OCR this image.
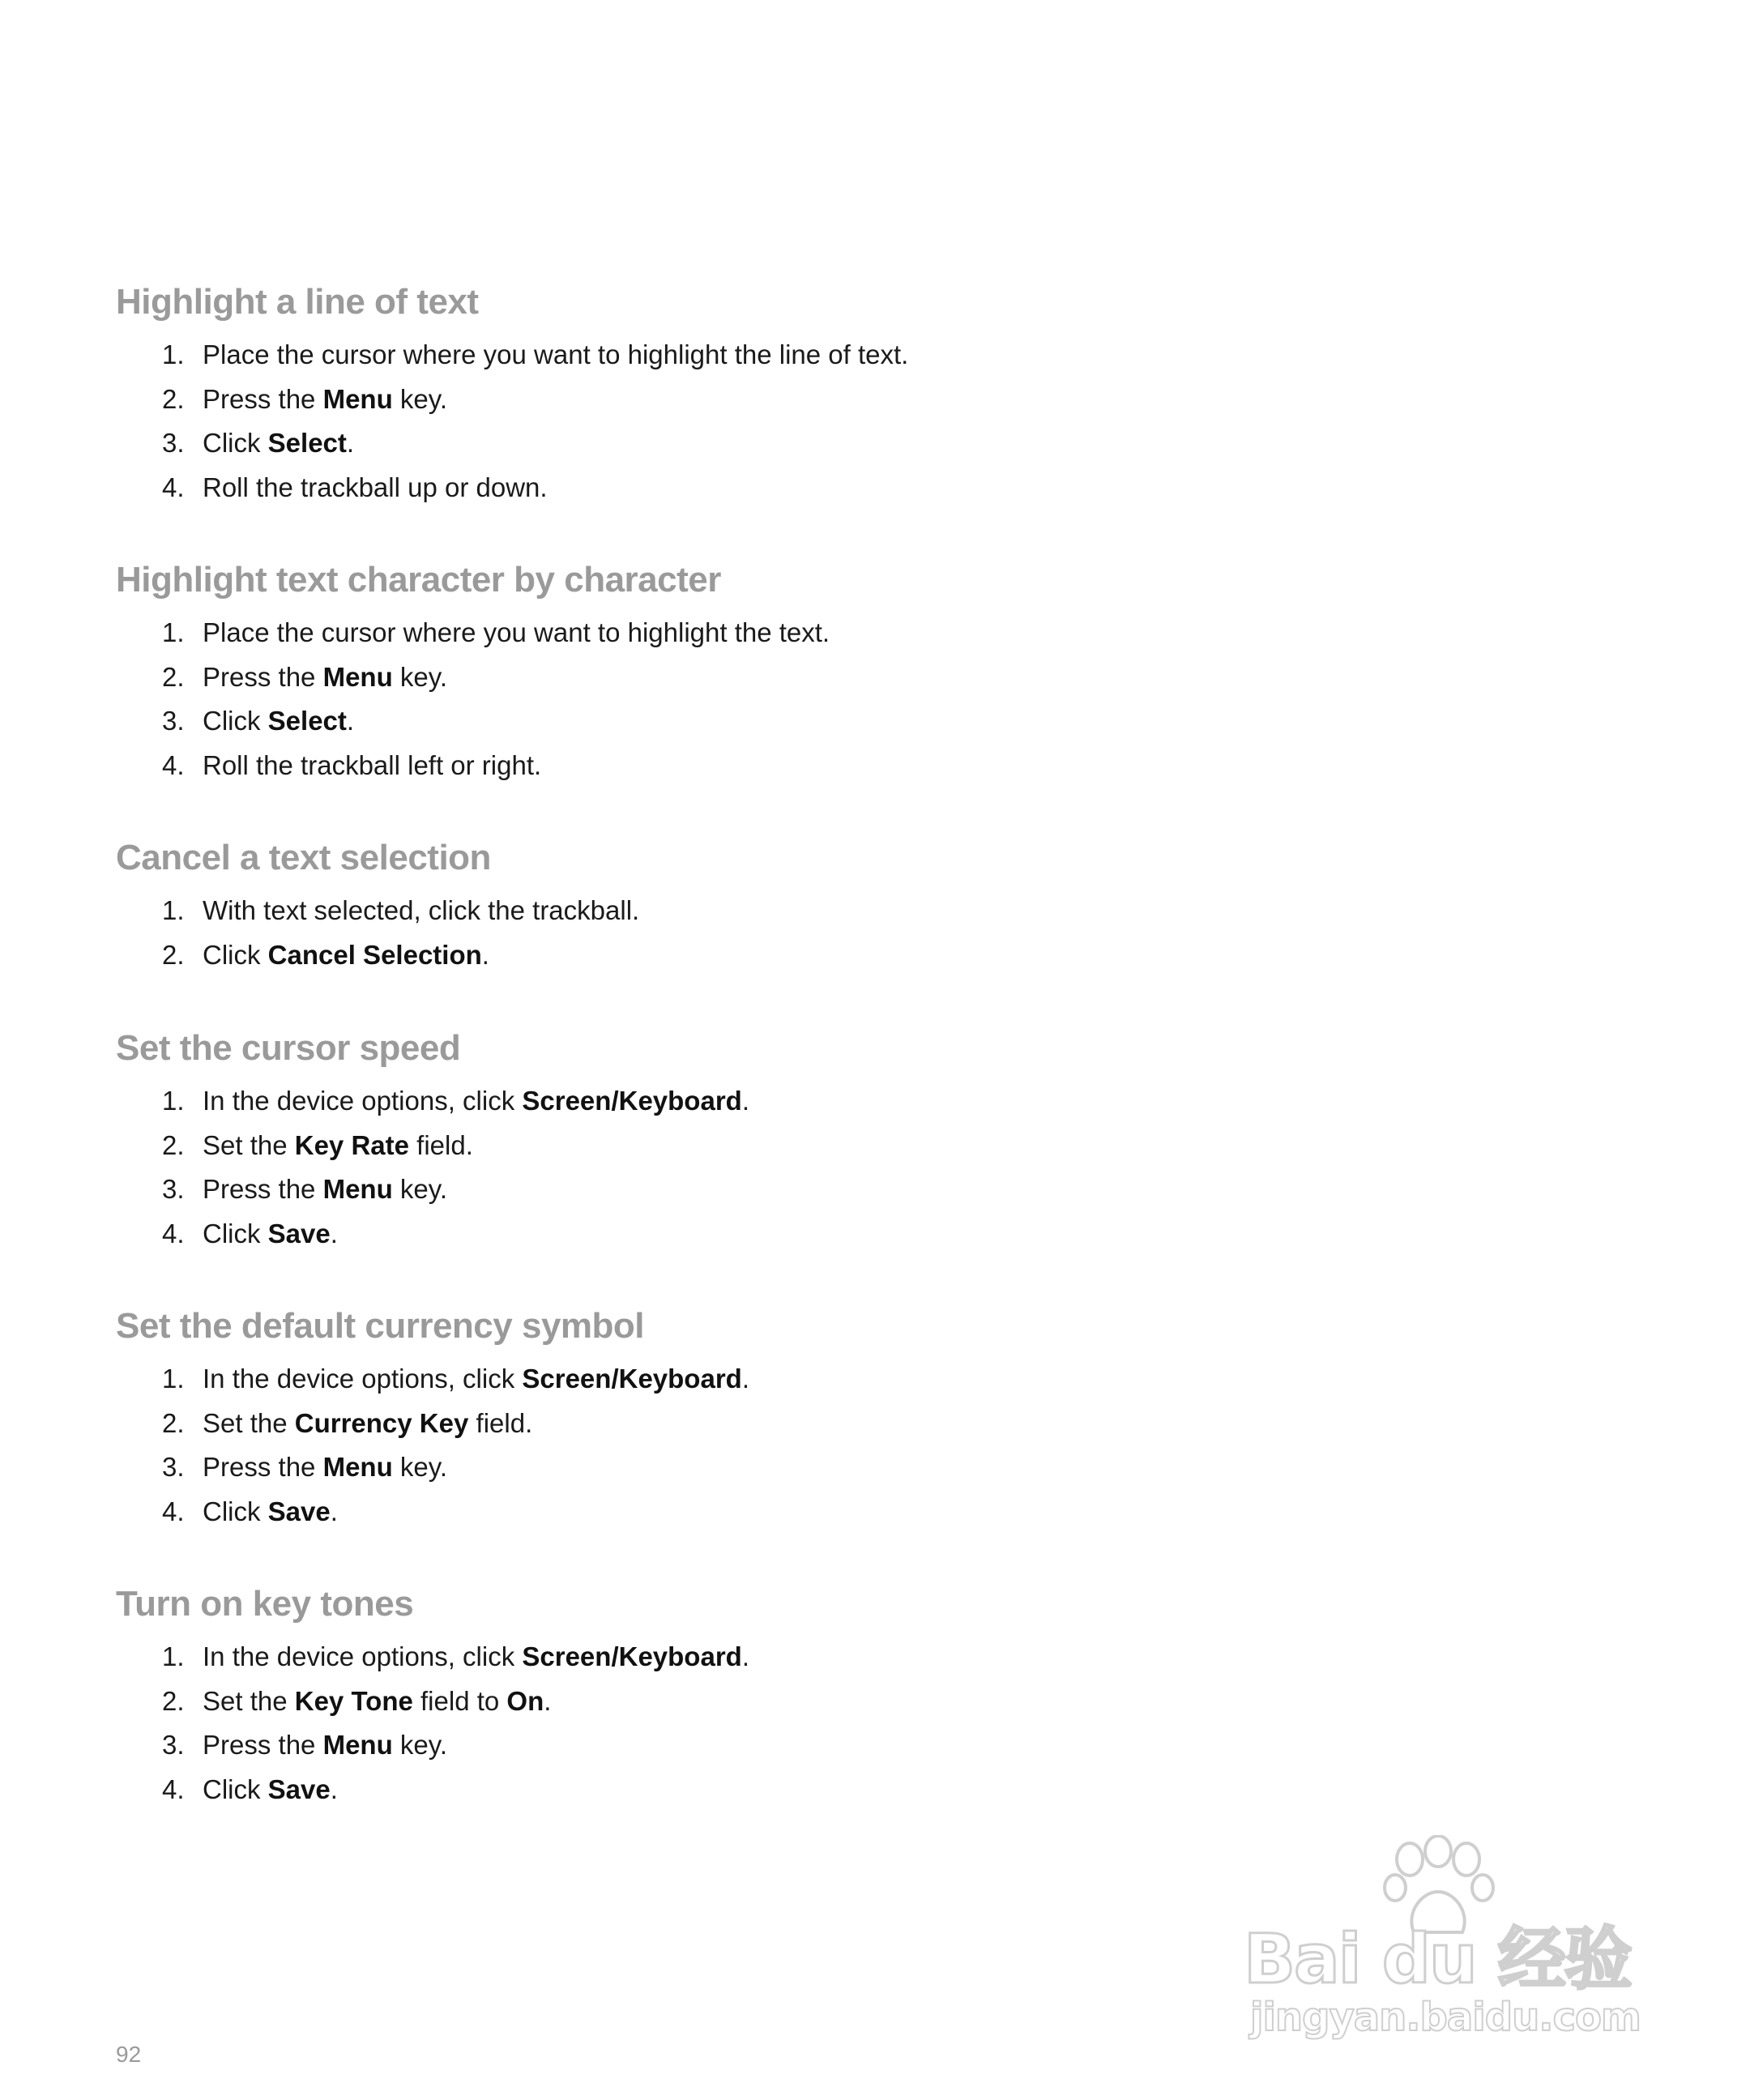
Highlight a line of text
1. Place the cursor where you want to highlight the line of text.
2. Press the Menu key.
3. Click Select.
4. Roll the trackball up or down.
Highlight text character by character
1. Place the cursor where you want to highlight the text.
2. Press the Menu key.
3. Click Select.
4. Roll the trackball left or right.
Cancel a text selection
1. With text selected, click the trackball.
2. Click Cancel Selection.
Set the cursor speed
1. In the device options, click Screen/Keyboard.
2. Set the Key Rate field.
3. Press the Menu key.
4. Click Save.
Set the default currency symbol
1. In the device options, click Screen/Keyboard.
2. Set the Currency Key field.
3. Press the Menu key.
4. Click Save.
Turn on key tones
1. In the device options, click Screen/Keyboard.
2. Set the Key Tone field to On.
3. Press the Menu key.
4. Click Save.
Bai du 经验
jingyan.baidu.com
92
